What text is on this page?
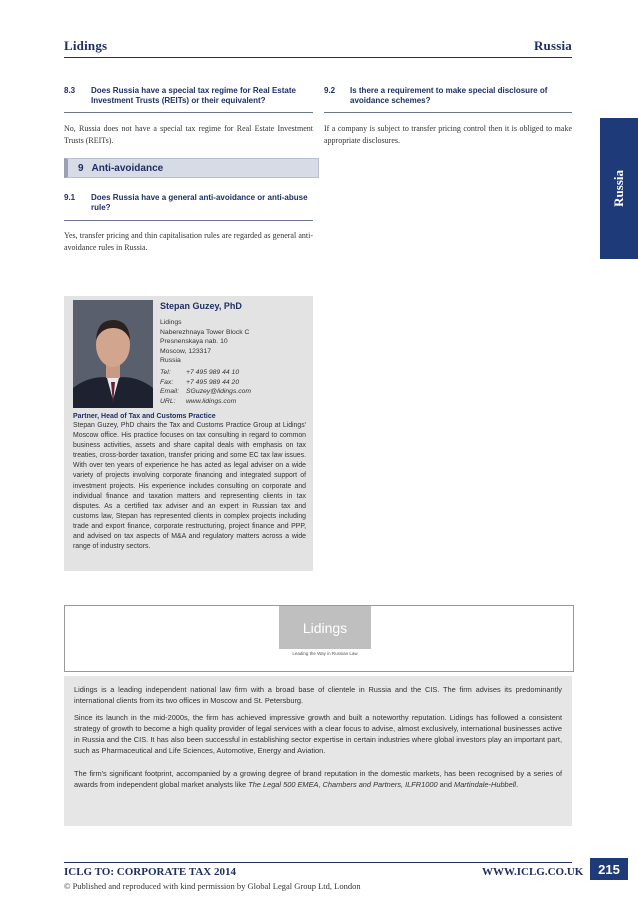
Lidings	Russia
Russia
8.3 Does Russia have a special tax regime for Real Estate Investment Trusts (REITs) or their equivalent?
No, Russia does not have a special tax regime for Real Estate Investment Trusts (REITs).
9   Anti-avoidance
9.1 Does Russia have a general anti-avoidance or anti-abuse rule?
Yes, transfer pricing and thin capitalisation rules are regarded as general anti-avoidance rules in Russia.
9.2 Is there a requirement to make special disclosure of avoidance schemes?
If a company is subject to transfer pricing control then it is obliged to make appropriate disclosures.
Stepan Guzey, PhD
Lidings
Naberezhnaya Tower Block C
Presnenskaya nab. 10
Moscow, 123317
Russia
Tel:	+7 495 989 44 10
Fax:	+7 495 989 44 20
Email:	SGuzey@lidings.com
URL:	www.lidings.com
Partner, Head of Tax and Customs Practice
Stepan Guzey, PhD chairs the Tax and Customs Practice Group at Lidings' Moscow office. His practice focuses on tax consulting in regard to common business activities, assets and share capital deals with emphasis on tax treaties, cross-border taxation, transfer pricing and some EC tax law issues. With over ten years of experience he has acted as legal adviser on a wide variety of projects involving corporate financing and integrated support of investment projects. His experience includes consulting on corporate and individual finance and taxation matters and representing clients in tax disputes. As a certified tax adviser and an expert in Russian tax and customs law, Stepan has represented clients in complex projects including trade and export finance, corporate restructuring, project finance and PPP, and advised on tax aspects of M&A and regulatory matters across a wide range of industry sectors.
Lidings
Leading the Way in Russian Law
Lidings is a leading independent national law firm with a broad base of clientele in Russia and the CIS. The firm advises its predominantly international clients from its two offices in Moscow and St. Petersburg.
Since its launch in the mid-2000s, the firm has achieved impressive growth and built a noteworthy reputation. Lidings has followed a consistent strategy of growth to become a high quality provider of legal services with a clear focus to advise, almost exclusively, international businesses active in Russia and the CIS. It has also been successful in establishing sector expertise in certain industries where global investors play an important part, such as Pharmaceutical and Life Sciences, Automotive, Energy and Aviation.
The firm's significant footprint, accompanied by a growing degree of brand reputation in the domestic markets, has been recognised by a series of awards from independent global market analysts like The Legal 500 EMEA, Chambers and Partners, ILFR1000 and Martindale-Hubbell.
ICLG TO: CORPORATE TAX 2014	WWW.ICLG.CO.UK
© Published and reproduced with kind permission by Global Legal Group Ltd, London
215
